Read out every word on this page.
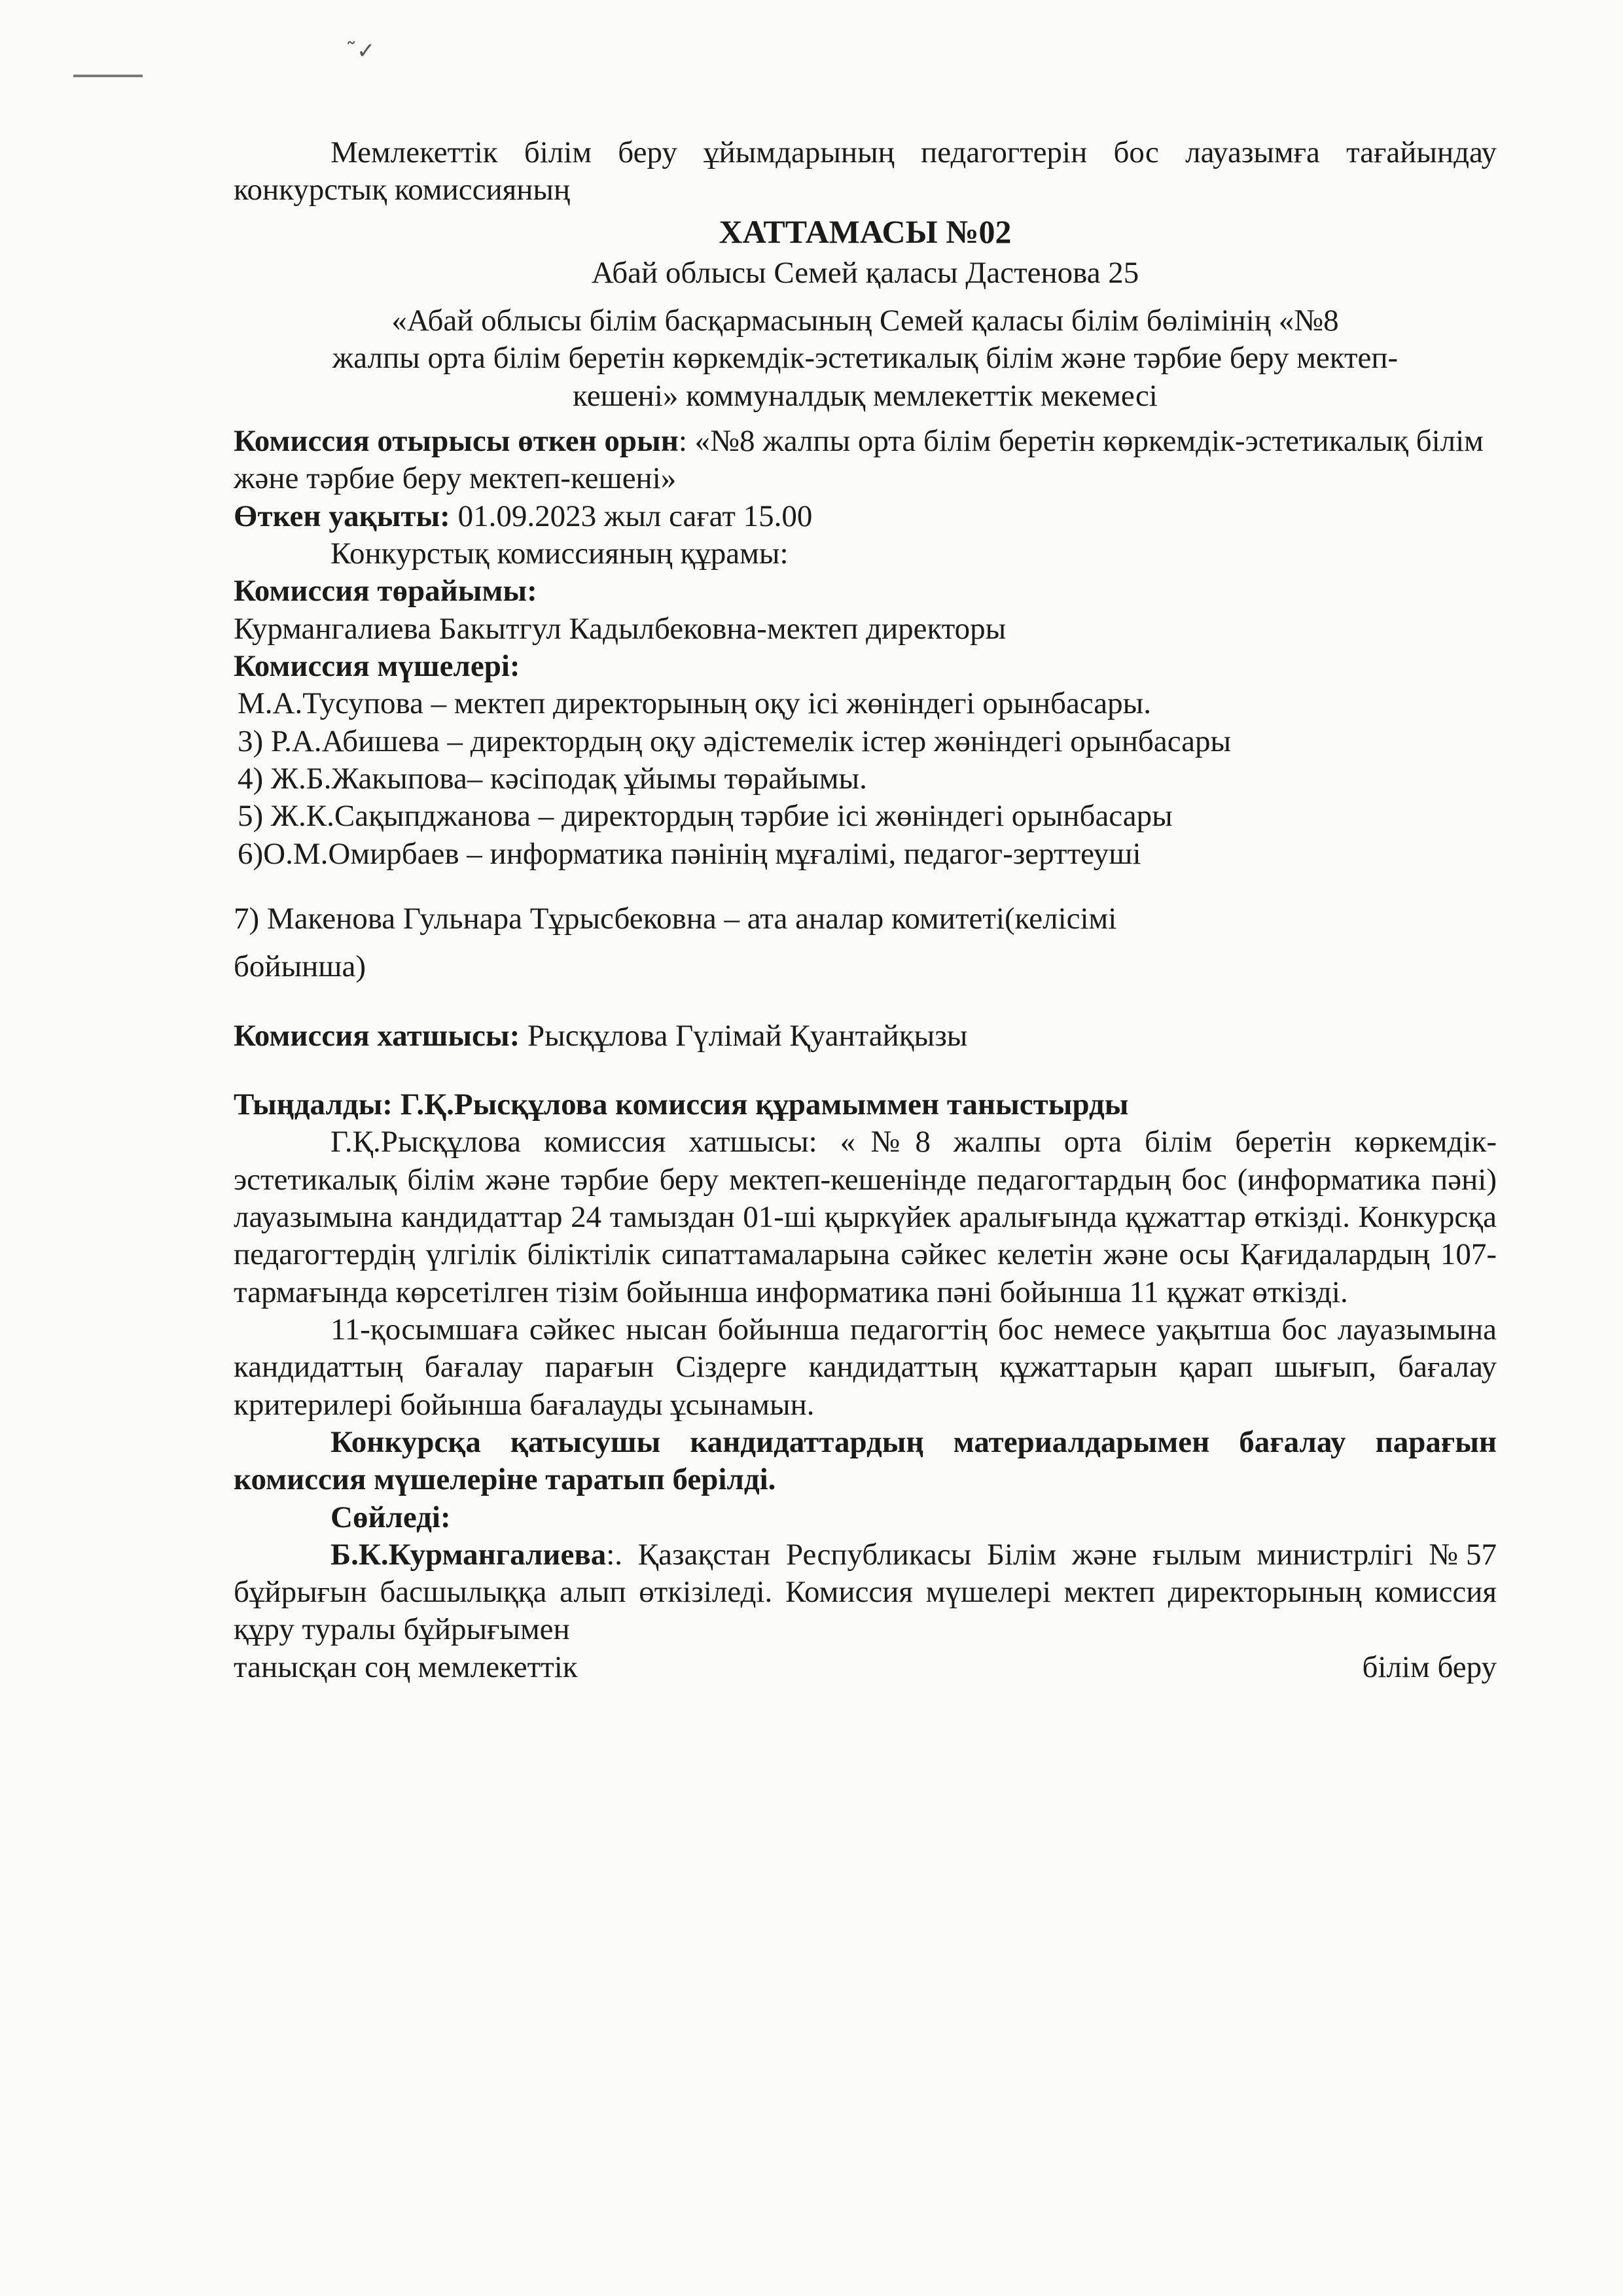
˜✓

Мемлекеттік білім беру ұйымдарының педагогтерін бос лауазымға тағайындау конкурстық комиссияның

ХАТТАМАСЫ №02

Абай облысы Семей қаласы Дастенова 25

«Абай облысы білім басқармасының Семей қаласы білім бөлімінің «№8

жалпы орта білім беретін көркемдік-эстетикалық білім және тәрбие беру мектеп-

кешені» коммуналдық мемлекеттік мекемесі

Комиссия отырысы өткен орын: «№8 жалпы орта білім беретін көркемдік-эстетикалық білім және тәрбие беру мектеп-кешені»

Өткен уақыты: 01.09.2023 жыл сағат 15.00

Конкурстық комиссияның құрамы:

Комиссия төрайымы:

Курмангалиева Бакытгул Кадылбековна-мектеп директоры

Комиссия мүшелері:

М.А.Тусупова – мектеп директорының оқу ісі жөніндегі орынбасары.

3) Р.А.Абишева – директордың оқу әдістемелік істер жөніндегі орынбасары

4) Ж.Б.Жакыпова– кәсіподақ ұйымы төрайымы.

5) Ж.К.Сақыпджанова – директордың тәрбие ісі жөніндегі орынбасары

6)О.М.Омирбаев – информатика пәнінің мұғалімі, педагог-зерттеуші

7) Макенова Гульнара Тұрысбековна – ата аналар комитеті(келісімі

бойынша)

Комиссия хатшысы: Рысқұлова Гүлімай Қуантайқызы

Тыңдалды: Г.Қ.Рысқұлова комиссия құрамыммен таныстырды

Г.Қ.Рысқұлова комиссия хатшысы: «№8 жалпы орта білім беретін көркемдік-эстетикалық білім және тәрбие беру мектеп-кешенінде педагогтардың бос (информатика пәні) лауазымына кандидаттар 24 тамыздан 01-ші қыркүйек аралығында құжаттар өткізді. Конкурсқа педагогтердің үлгілік біліктілік сипаттамаларына сәйкес келетін және осы Қағидалардың 107-тармағында көрсетілген тізім бойынша информатика пәні бойынша 11 құжат өткізді.

11-қосымшаға сәйкес нысан бойынша педагогтің бос немесе уақытша бос лауазымына кандидаттың бағалау парағын Сіздерге кандидаттың құжаттарын қарап шығып, бағалау критерилері бойынша бағалауды ұсынамын.

Конкурсқа қатысушы кандидаттардың материалдарымен бағалау парағын комиссия мүшелеріне таратып берілді.

Сөйледі:

Б.К.Курмангалиева:. Қазақстан Республикасы Білім және ғылым министрлігі №57 бұйрығын басшылыққа алып өткізіледі. Комиссия мүшелері мектеп директорының комиссия құру туралы бұйрығымен

танысқан соң мемлекеттік	білім беру
